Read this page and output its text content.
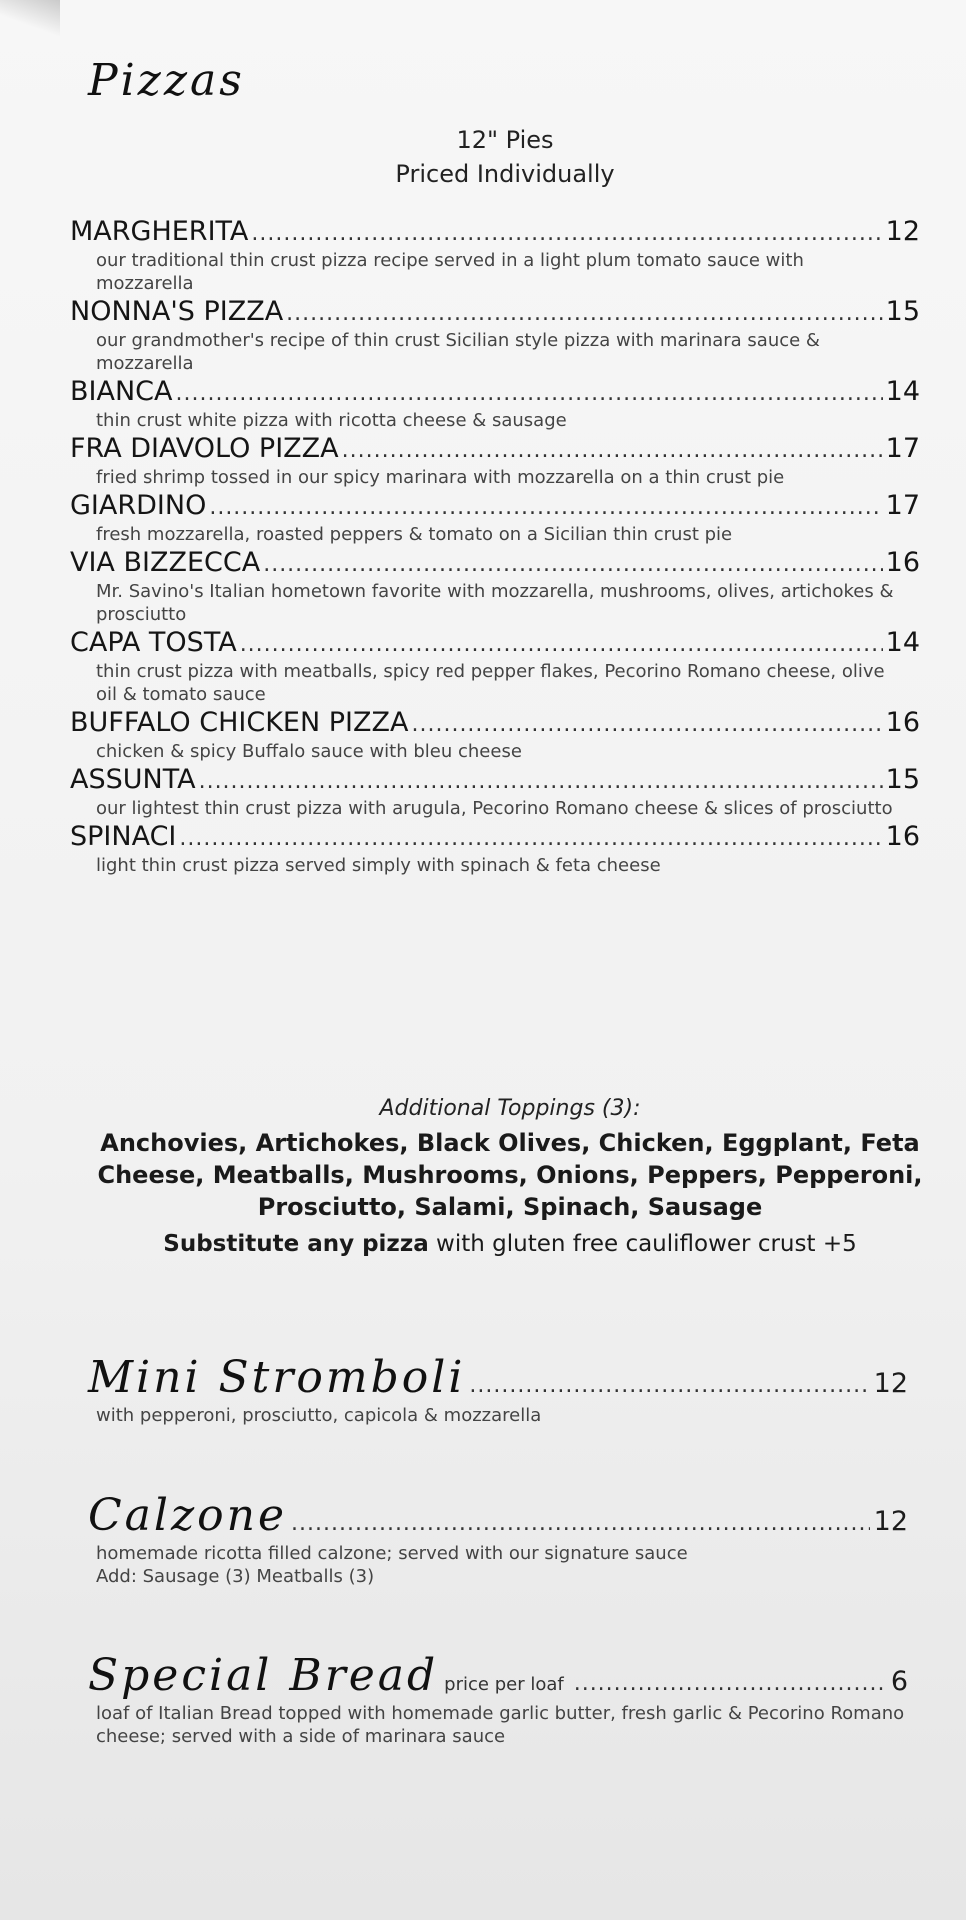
Pizzas
12" Pies
Priced Individually
MARGHERITA .....	12
our traditional thin crust pizza recipe served in a light plum tomato sauce with mozzarella
NONNA'S PIZZA .....	15
our grandmother's recipe of thin crust Sicilian style pizza with marinara sauce & mozzarella
BIANCA .....	14
thin crust white pizza with ricotta cheese & sausage
FRA DIAVOLO PIZZA .....	17
fried shrimp tossed in our spicy marinara with mozzarella on a thin crust pie
GIARDINO .....	17
fresh mozzarella, roasted peppers & tomato on a Sicilian thin crust pie
VIA BIZZECCA .....	16
Mr. Savino's Italian hometown favorite with mozzarella, mushrooms, olives, artichokes & prosciutto
CAPA TOSTA .....	14
thin crust pizza with meatballs, spicy red pepper flakes, Pecorino Romano cheese, olive oil & tomato sauce
BUFFALO CHICKEN PIZZA .....	16
chicken & spicy Buffalo sauce with bleu cheese
ASSUNTA .....	15
our lightest thin crust pizza with arugula, Pecorino Romano cheese & slices of prosciutto
SPINACI .....	16
light thin crust pizza served simply with spinach & feta cheese
Additional Toppings (3):
Anchovies, Artichokes, Black Olives, Chicken, Eggplant, Feta Cheese, Meatballs, Mushrooms, Onions, Peppers, Pepperoni, Prosciutto, Salami, Spinach, Sausage
Substitute any pizza with gluten free cauliflower crust +5
Mini Stromboli .....	12
with pepperoni, prosciutto, capicola & mozzarella
Calzone .....	12
homemade ricotta filled calzone; served with our signature sauce
Add: Sausage (3) Meatballs (3)
Special Bread price per loaf .....	6
loaf of Italian Bread topped with homemade garlic butter, fresh garlic & Pecorino Romano cheese; served with a side of marinara sauce
